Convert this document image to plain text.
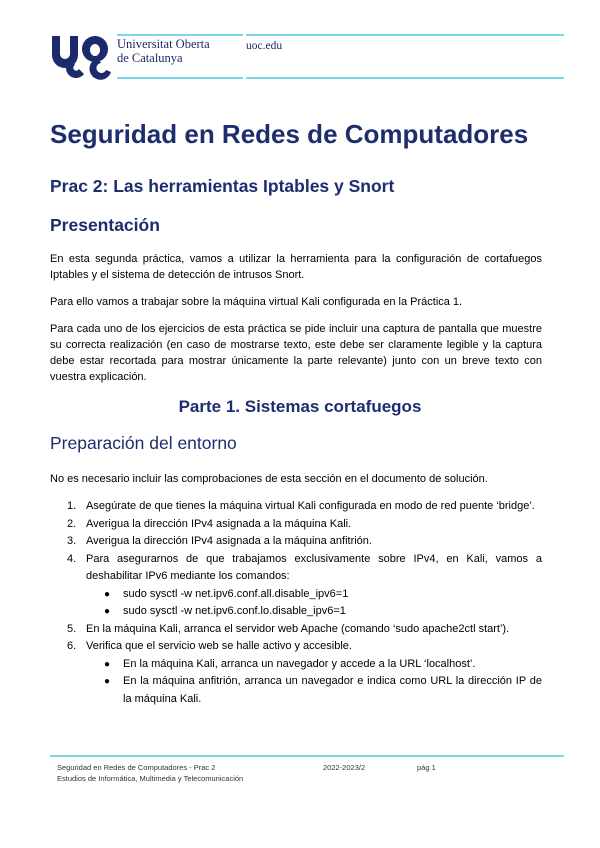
Universitat Oberta
de Catalunya
uoc.edu
Seguridad en Redes de Computadores
Prac 2: Las herramientas Iptables y Snort
Presentación
En esta segunda práctica, vamos a utilizar la herramienta para la configuración de cortafuegos Iptables y el sistema de detección de intrusos Snort.
Para ello vamos a trabajar sobre la máquina virtual Kali configurada en la Práctica 1.
Para cada uno de los ejercicios de esta práctica se pide incluir una captura de pantalla que muestre su correcta realización (en caso de mostrarse texto, este debe ser claramente legible y la captura debe estar recortada para mostrar únicamente la parte relevante) junto con un breve texto con vuestra explicación.
Parte 1. Sistemas cortafuegos
Preparación del entorno
No es necesario incluir las comprobaciones de esta sección en el documento de solución.
1. Asegúrate de que tienes la máquina virtual Kali configurada en modo de red puente ‘bridge’.
2. Averigua la dirección IPv4 asignada a la máquina Kali.
3. Averigua la dirección IPv4 asignada a la máquina anfitrión.
4. Para asegurarnos de que trabajamos exclusivamente sobre IPv4, en Kali, vamos a deshabilitar IPv6 mediante los comandos:
● sudo sysctl -w net.ipv6.conf.all.disable_ipv6=1
● sudo sysctl -w net.ipv6.conf.lo.disable_ipv6=1
5. En la máquina Kali, arranca el servidor web Apache (comando ‘sudo apache2ctl start’).
6. Verifica que el servicio web se halle activo y accesible.
● En la máquina Kali, arranca un navegador y accede a la URL ‘localhost’.
● En la máquina anfitrión, arranca un navegador e indica como URL la dirección IP de la máquina Kali.
Seguridad en Redes de Computadores - Prac 2
Estudios de Informática, Multimedia y Telecomunicación
2022-2023/2	pág 1
